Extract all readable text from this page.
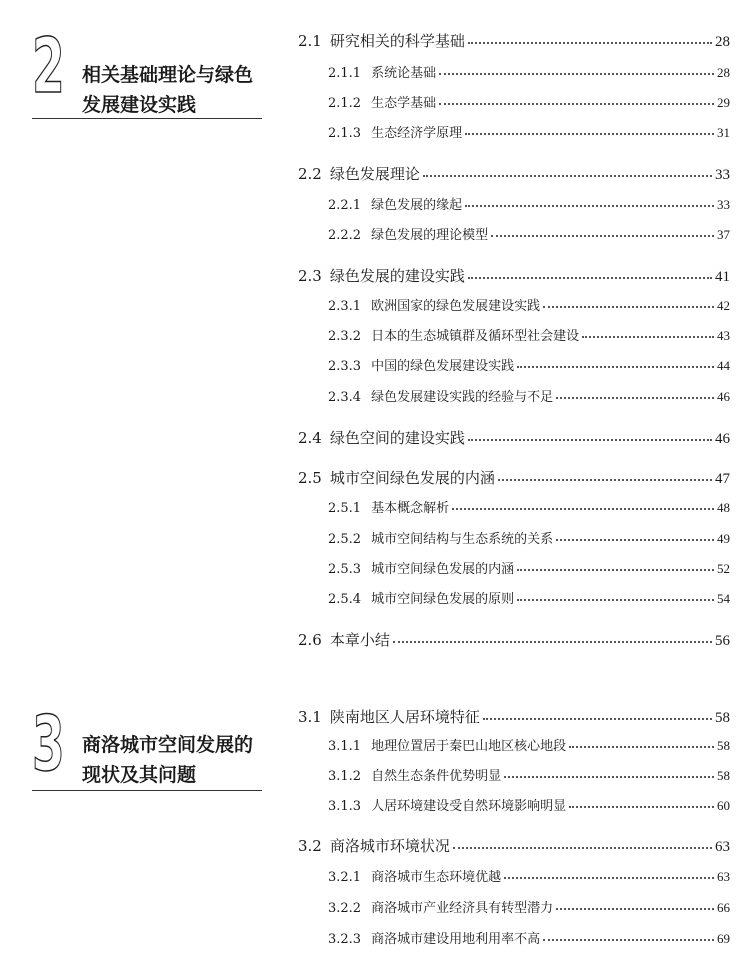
2 相关基础理论与绿色
发展建设实践
2.1 研究相关的科学基础	28
2.1.1 系统论基础	28
2.1.2 生态学基础	29
2.1.3 生态经济学原理	31
2.2 绿色发展理论	33
2.2.1 绿色发展的缘起	33
2.2.2 绿色发展的理论模型	37
2.3 绿色发展的建设实践	41
2.3.1 欧洲国家的绿色发展建设实践	42
2.3.2 日本的生态城镇群及循环型社会建设	43
2.3.3 中国的绿色发展建设实践	44
2.3.4 绿色发展建设实践的经验与不足	46
2.4 绿色空间的建设实践	46
2.5 城市空间绿色发展的内涵	47
2.5.1 基本概念解析	48
2.5.2 城市空间结构与生态系统的关系	49
2.5.3 城市空间绿色发展的内涵	52
2.5.4 城市空间绿色发展的原则	54
2.6 本章小结	56
3 商洛城市空间发展的
现状及其问题
3.1 陕南地区人居环境特征	58
3.1.1 地理位置居于秦巴山地区核心地段	58
3.1.2 自然生态条件优势明显	58
3.1.3 人居环境建设受自然环境影响明显	60
3.2 商洛城市环境状况	63
3.2.1 商洛城市生态环境优越	63
3.2.2 商洛城市产业经济具有转型潜力	66
3.2.3 商洛城市建设用地利用率不高	69
